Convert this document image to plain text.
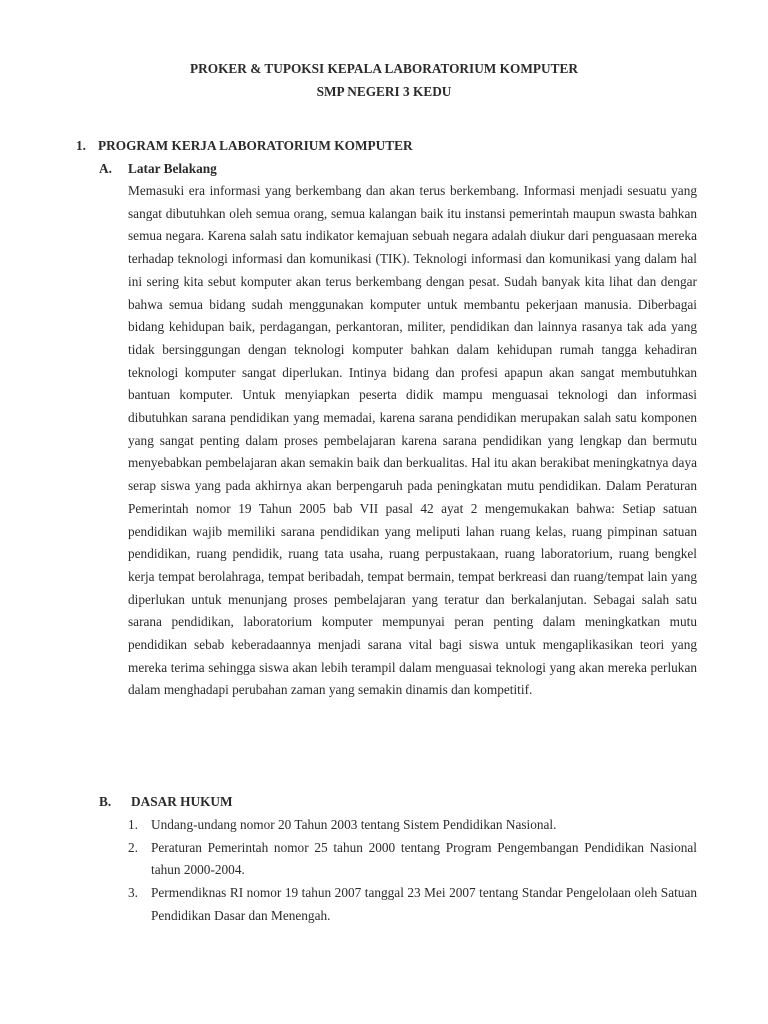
PROKER & TUPOKSI KEPALA LABORATORIUM KOMPUTER

SMP NEGERI 3 KEDU

1. PROGRAM KERJA LABORATORIUM KOMPUTER

A. Latar Belakang

Memasuki era informasi yang berkembang dan akan terus berkembang. Informasi menjadi sesuatu yang sangat dibutuhkan oleh semua orang, semua kalangan baik itu instansi pemerintah maupun swasta bahkan semua negara. Karena salah satu indikator kemajuan sebuah negara adalah diukur dari penguasaan mereka terhadap teknologi informasi dan komunikasi (TIK). Teknologi informasi dan komunikasi yang dalam hal ini sering kita sebut komputer akan terus berkembang dengan pesat. Sudah banyak kita lihat dan dengar bahwa semua bidang sudah menggunakan komputer untuk membantu pekerjaan manusia. Diberbagai bidang kehidupan baik, perdagangan, perkantoran, militer, pendidikan dan lainnya rasanya tak ada yang tidak bersinggungan dengan teknologi komputer bahkan dalam kehidupan rumah tangga kehadiran teknologi komputer sangat diperlukan. Intinya bidang dan profesi apapun akan sangat membutuhkan bantuan komputer. Untuk menyiapkan peserta didik mampu menguasai teknologi dan informasi dibutuhkan sarana pendidikan yang memadai, karena sarana pendidikan merupakan salah satu komponen yang sangat penting dalam proses pembelajaran karena sarana pendidikan yang lengkap dan bermutu menyebabkan pembelajaran akan semakin baik dan berkualitas. Hal itu akan berakibat meningkatnya daya serap siswa yang pada akhirnya akan berpengaruh pada peningkatan mutu pendidikan. Dalam Peraturan Pemerintah nomor 19 Tahun 2005 bab VII pasal 42 ayat 2 mengemukakan bahwa: Setiap satuan pendidikan wajib memiliki sarana pendidikan yang meliputi lahan ruang kelas, ruang pimpinan satuan pendidikan, ruang pendidik, ruang tata usaha, ruang perpustakaan, ruang laboratorium, ruang bengkel kerja tempat berolahraga, tempat beribadah, tempat bermain, tempat berkreasi dan ruang/tempat lain yang diperlukan untuk menunjang proses pembelajaran yang teratur dan berkalanjutan. Sebagai salah satu sarana pendidikan, laboratorium komputer mempunyai peran penting dalam meningkatkan mutu pendidikan sebab keberadaannya menjadi sarana vital bagi siswa untuk mengaplikasikan teori yang mereka terima sehingga siswa akan lebih terampil dalam menguasai teknologi yang akan mereka perlukan dalam menghadapi perubahan zaman yang semakin dinamis dan kompetitif.

B. DASAR HUKUM

1. Undang-undang nomor 20 Tahun 2003 tentang Sistem Pendidikan Nasional.
2. Peraturan Pemerintah nomor 25 tahun 2000 tentang Program Pengembangan Pendidikan Nasional tahun 2000-2004.
3. Permendiknas RI nomor 19 tahun 2007 tanggal 23 Mei 2007 tentang Standar Pengelolaan oleh Satuan Pendidikan Dasar dan Menengah.
